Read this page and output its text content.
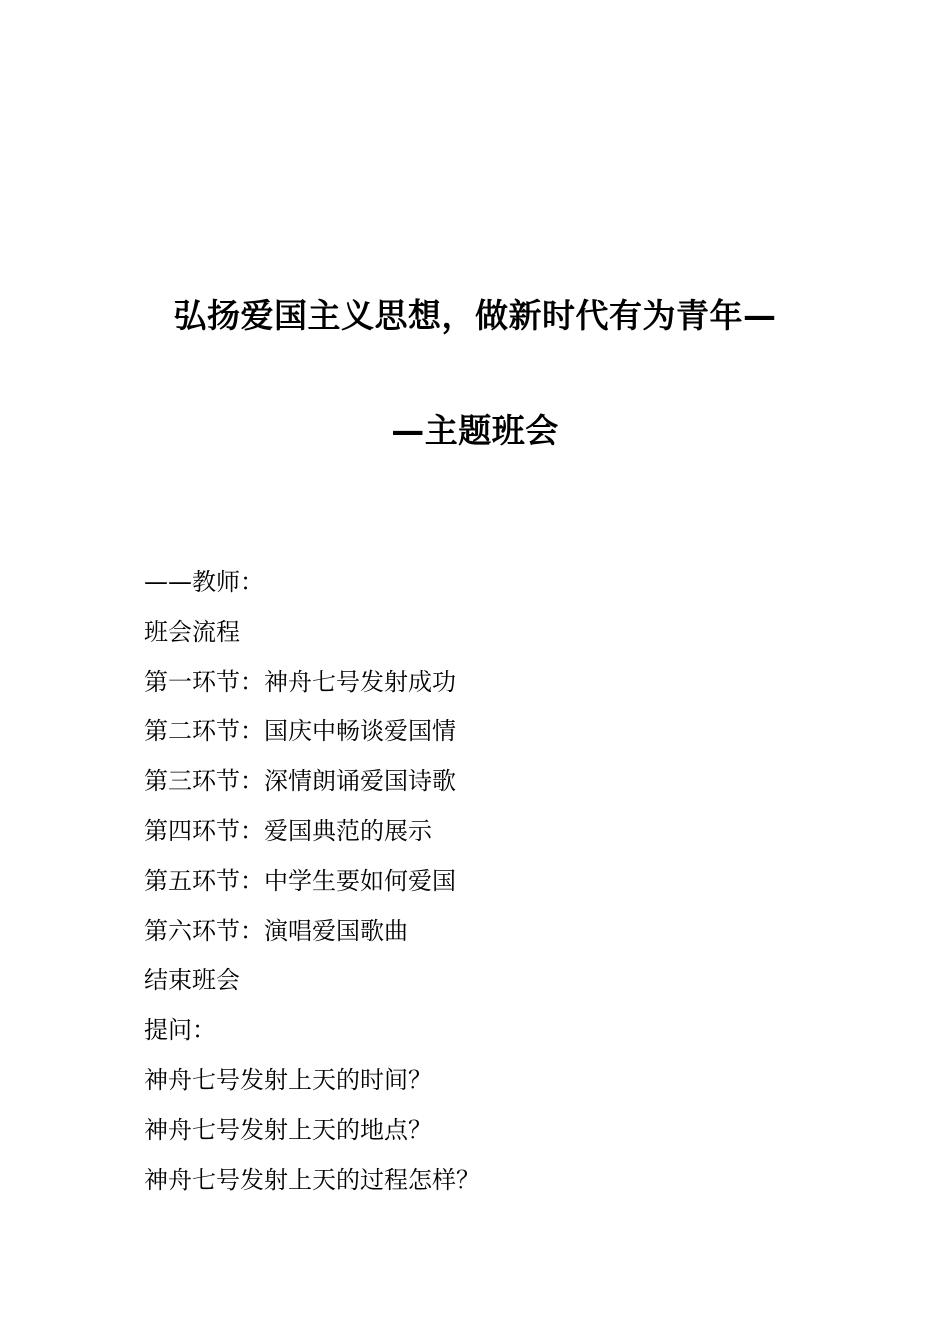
弘扬爱国主义思想，做新时代有为青年—
—主题班会
——教师：
班会流程
第一环节：神舟七号发射成功
第二环节：国庆中畅谈爱国情
第三环节：深情朗诵爱国诗歌
第四环节：爱国典范的展示
第五环节：中学生要如何爱国
第六环节：演唱爱国歌曲
结束班会
提问：
神舟七号发射上天的时间？
神舟七号发射上天的地点？
神舟七号发射上天的过程怎样？
